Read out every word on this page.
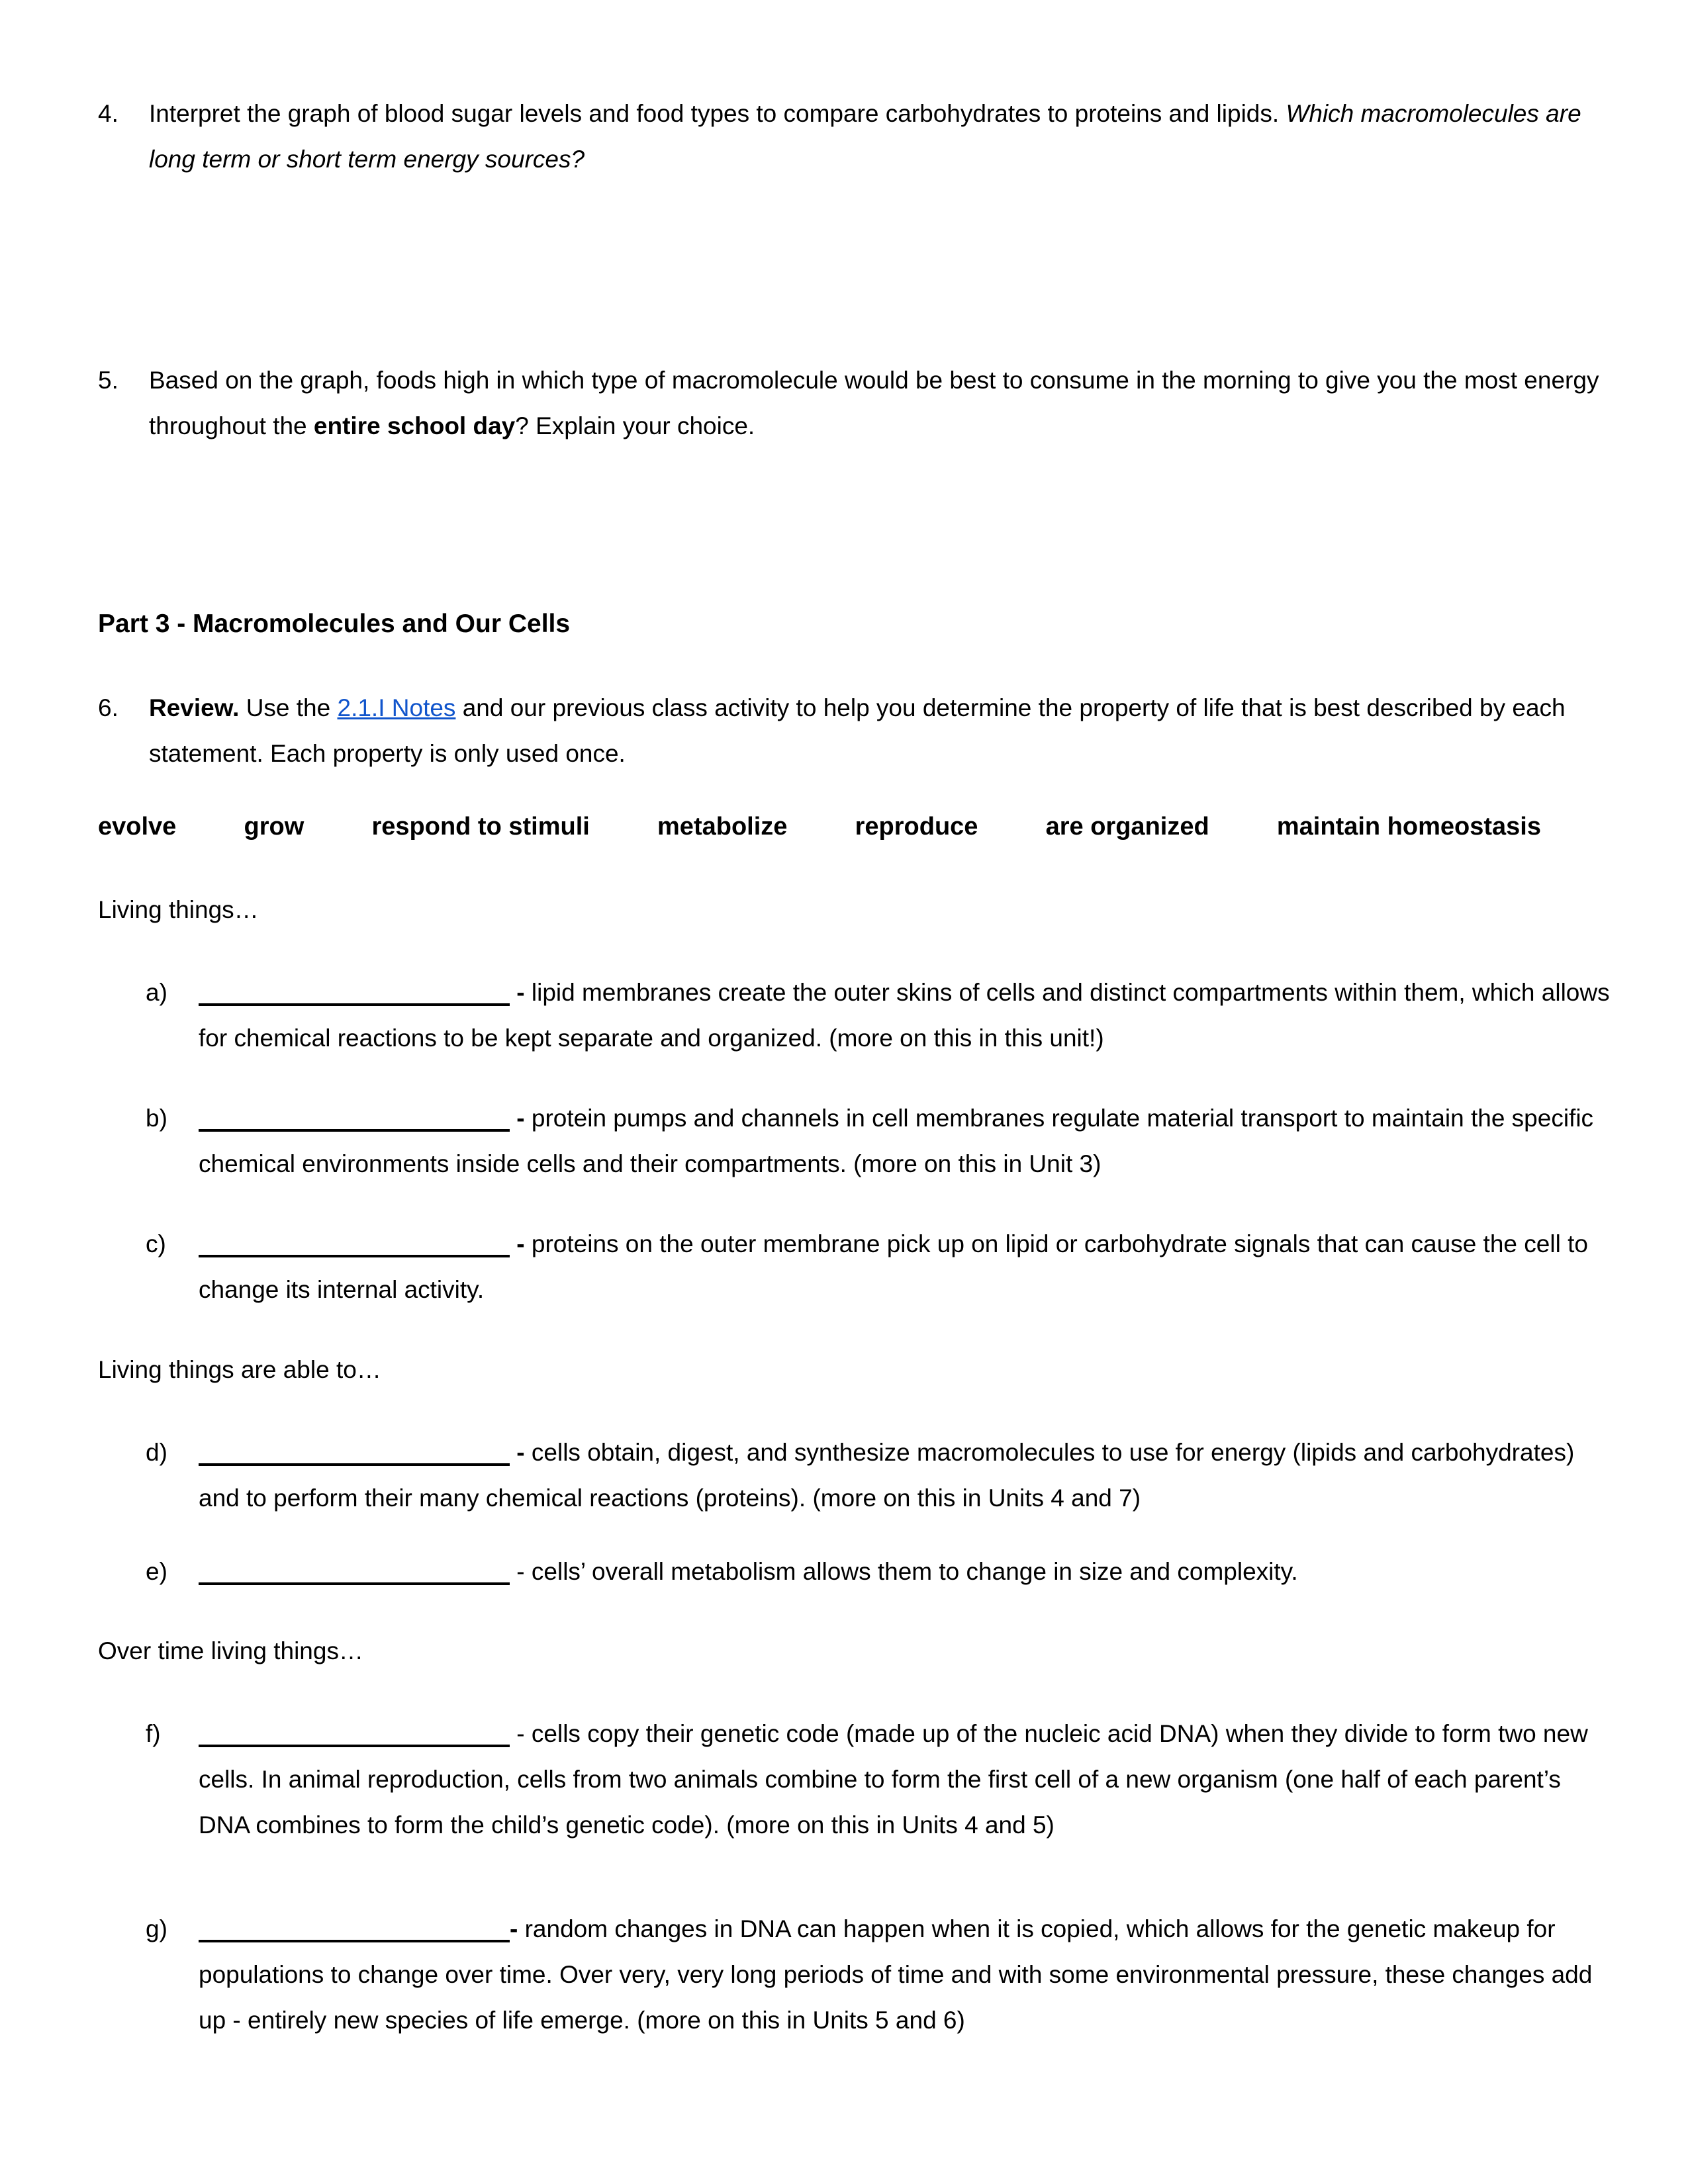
4.	Interpret the graph of blood sugar levels and food types to compare carbohydrates to proteins and lipids. Which macromolecules are long term or short term energy sources?
5.	Based on the graph, foods high in which type of macromolecule would be best to consume in the morning to give you the most energy throughout the entire school day? Explain your choice.
Part 3 - Macromolecules and Our Cells
6.	Review. Use the 2.1.I Notes and our previous class activity to help you determine the property of life that is best described by each statement. Each property is only used once.
evolve	grow	respond to stimuli	metabolize	reproduce	are organized	maintain homeostasis
Living things…
a)	- lipid membranes create the outer skins of cells and distinct compartments within them, which allows for chemical reactions to be kept separate and organized. (more on this in this unit!)
b)	- protein pumps and channels in cell membranes regulate material transport to maintain the specific chemical environments inside cells and their compartments. (more on this in Unit 3)
c)	- proteins on the outer membrane pick up on lipid or carbohydrate signals that can cause the cell to change its internal activity.
Living things are able to…
d)	- cells obtain, digest, and synthesize macromolecules to use for energy (lipids and carbohydrates) and to perform their many chemical reactions (proteins). (more on this in Units 4 and 7)
e)	- cells’ overall metabolism allows them to change in size and complexity.
Over time living things…
f)	- cells copy their genetic code (made up of the nucleic acid DNA) when they divide to form two new cells. In animal reproduction, cells from two animals combine to form the first cell of a new organism (one half of each parent’s DNA combines to form the child’s genetic code). (more on this in Units 4 and 5)
g)	- random changes in DNA can happen when it is copied, which allows for the genetic makeup for populations to change over time. Over very, very long periods of time and with some environmental pressure, these changes add up - entirely new species of life emerge. (more on this in Units 5 and 6)
